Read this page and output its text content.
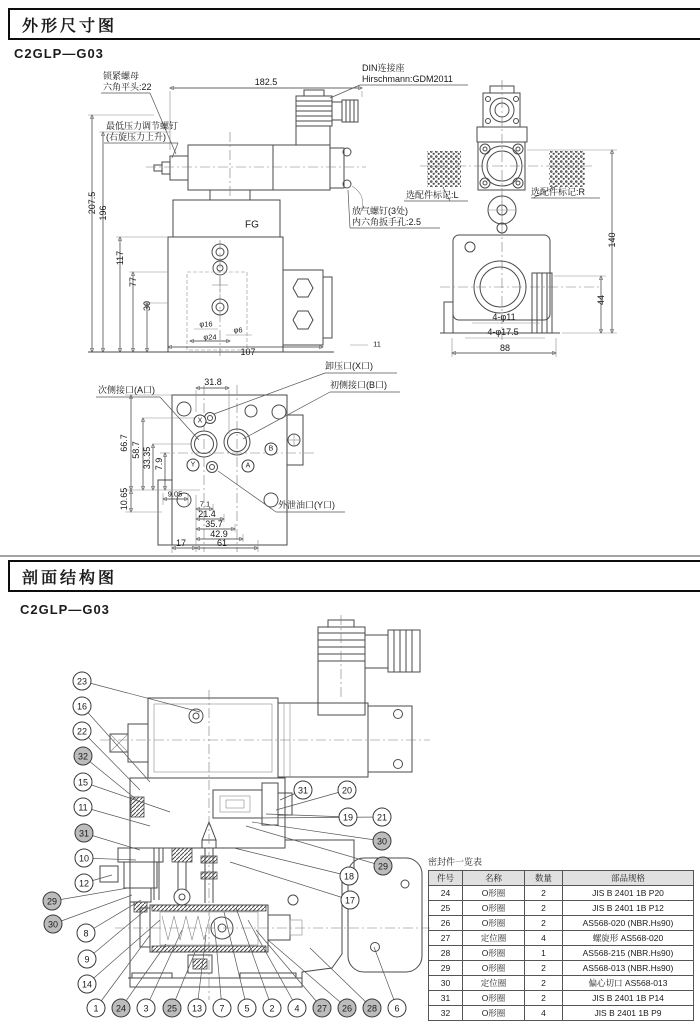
外形尺寸图
C2GLP—G03
锁紧螺母
六角平头:22
DIN连接座
Hirschmann:GDM2011
最低压力调节螺钉
(右旋压力上升)
放气螺钉(3处)
内六角扳手孔:2.5
FG
182.5
207.5 196
117
77
30
φ16
φ24
φ6
107
11
选配件标记:L	选配件标记:R
140
44
4-φ11
4-φ17.5
88
次侧接口(A口)
卸压口(X口)
初侧接口(B口)
外泄油口(Y口)
X
B
Y	A
31.8
66.7 58.7 33.35 7.9
10.65	9.05
7.1
21.4
35.7
42.9
17	61
剖面结构图
C2GLP—G03
密封件一览表
件号	名称	数量	部品规格
24	O形圈	2	JIS B 2401 1B P20
25	O形圈	2	JIS B 2401 1B P12
26	O形圈	2	AS568-020 (NBR.Hs90)
27	定位圈	4	螺旋形 AS568-020
28	O形圈	1	AS568-215 (NBR.Hs90)
29	O形圈	2	AS568-013 (NBR.Hs90)
30	定位圈	2	偏心切口 AS568-013
31	O形圈	2	JIS B 2401 1B P14
32	O形圈	4	JIS B 2401 1B P9
23
16
22
32
15
11
31
10
12
29
30
8
9
14
1	24	3	25	13	7	5	2	4	27	26	28	6
31	20
19	21
30
29
18
17
